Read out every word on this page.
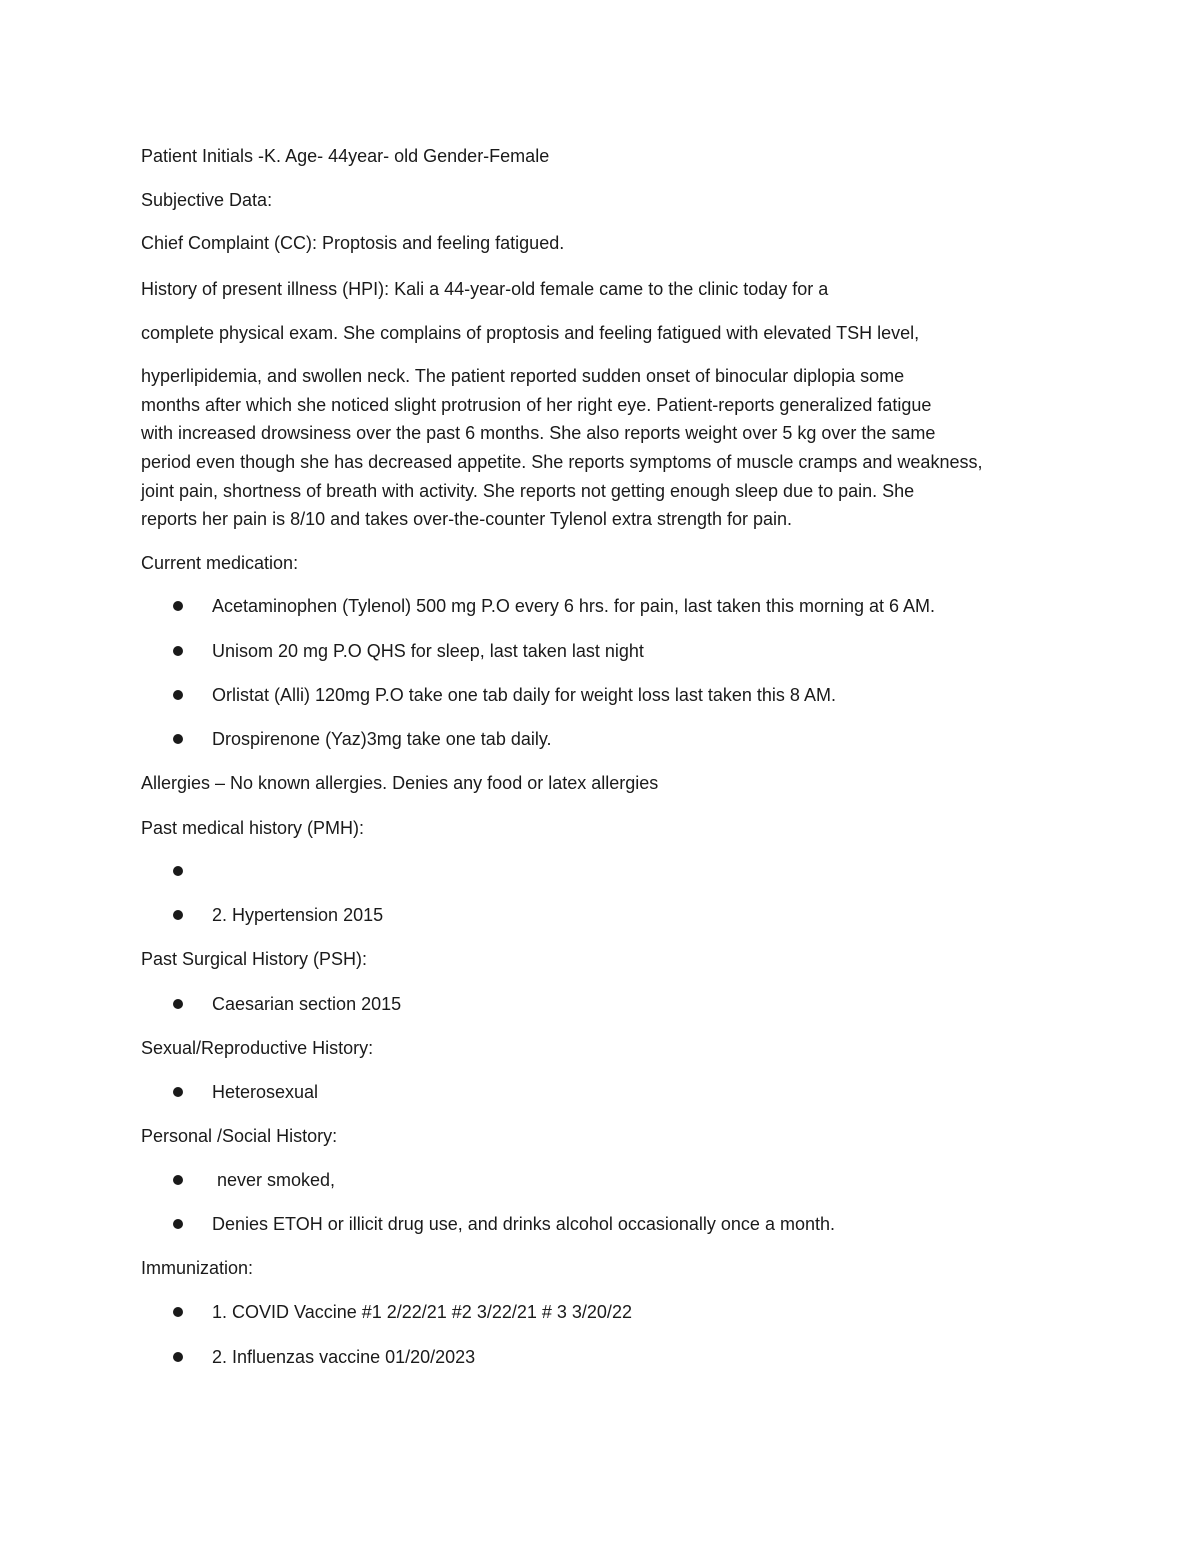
Patient Initials -K. Age- 44year- old Gender-Female

Subjective Data:

Chief Complaint (CC): Proptosis and feeling fatigued.

History of present illness (HPI): Kali a 44-year-old female came to the clinic today for a

complete physical exam. She complains of proptosis and feeling fatigued with elevated TSH level,

hyperlipidemia, and swollen neck. The patient reported sudden onset of binocular diplopia some

months after which she noticed slight protrusion of her right eye. Patient-reports generalized fatigue

with increased drowsiness over the past 6 months. She also reports weight over 5 kg over the same

period even though she has decreased appetite. She reports symptoms of muscle cramps and weakness,

joint pain, shortness of breath with activity. She reports not getting enough sleep due to pain. She

reports her pain is 8/10 and takes over-the-counter Tylenol extra strength for pain.

Current medication:

Acetaminophen (Tylenol) 500 mg P.O every 6 hrs. for pain, last taken this morning at 6 AM.

Unisom 20 mg P.O QHS for sleep, last taken last night

Orlistat (Alli) 120mg P.O take one tab daily for weight loss last taken this 8 AM.

Drospirenone (Yaz)3mg take one tab daily.

Allergies – No known allergies. Denies any food or latex allergies

Past medical history (PMH):

2. Hypertension 2015

Past Surgical History (PSH):

Caesarian section 2015

Sexual/Reproductive History:

Heterosexual

Personal /Social History:

never smoked,

Denies ETOH or illicit drug use, and drinks alcohol occasionally once a month.

Immunization:

1. COVID Vaccine #1 2/22/21 #2 3/22/21 # 3 3/20/22

2. Influenzas vaccine 01/20/2023
